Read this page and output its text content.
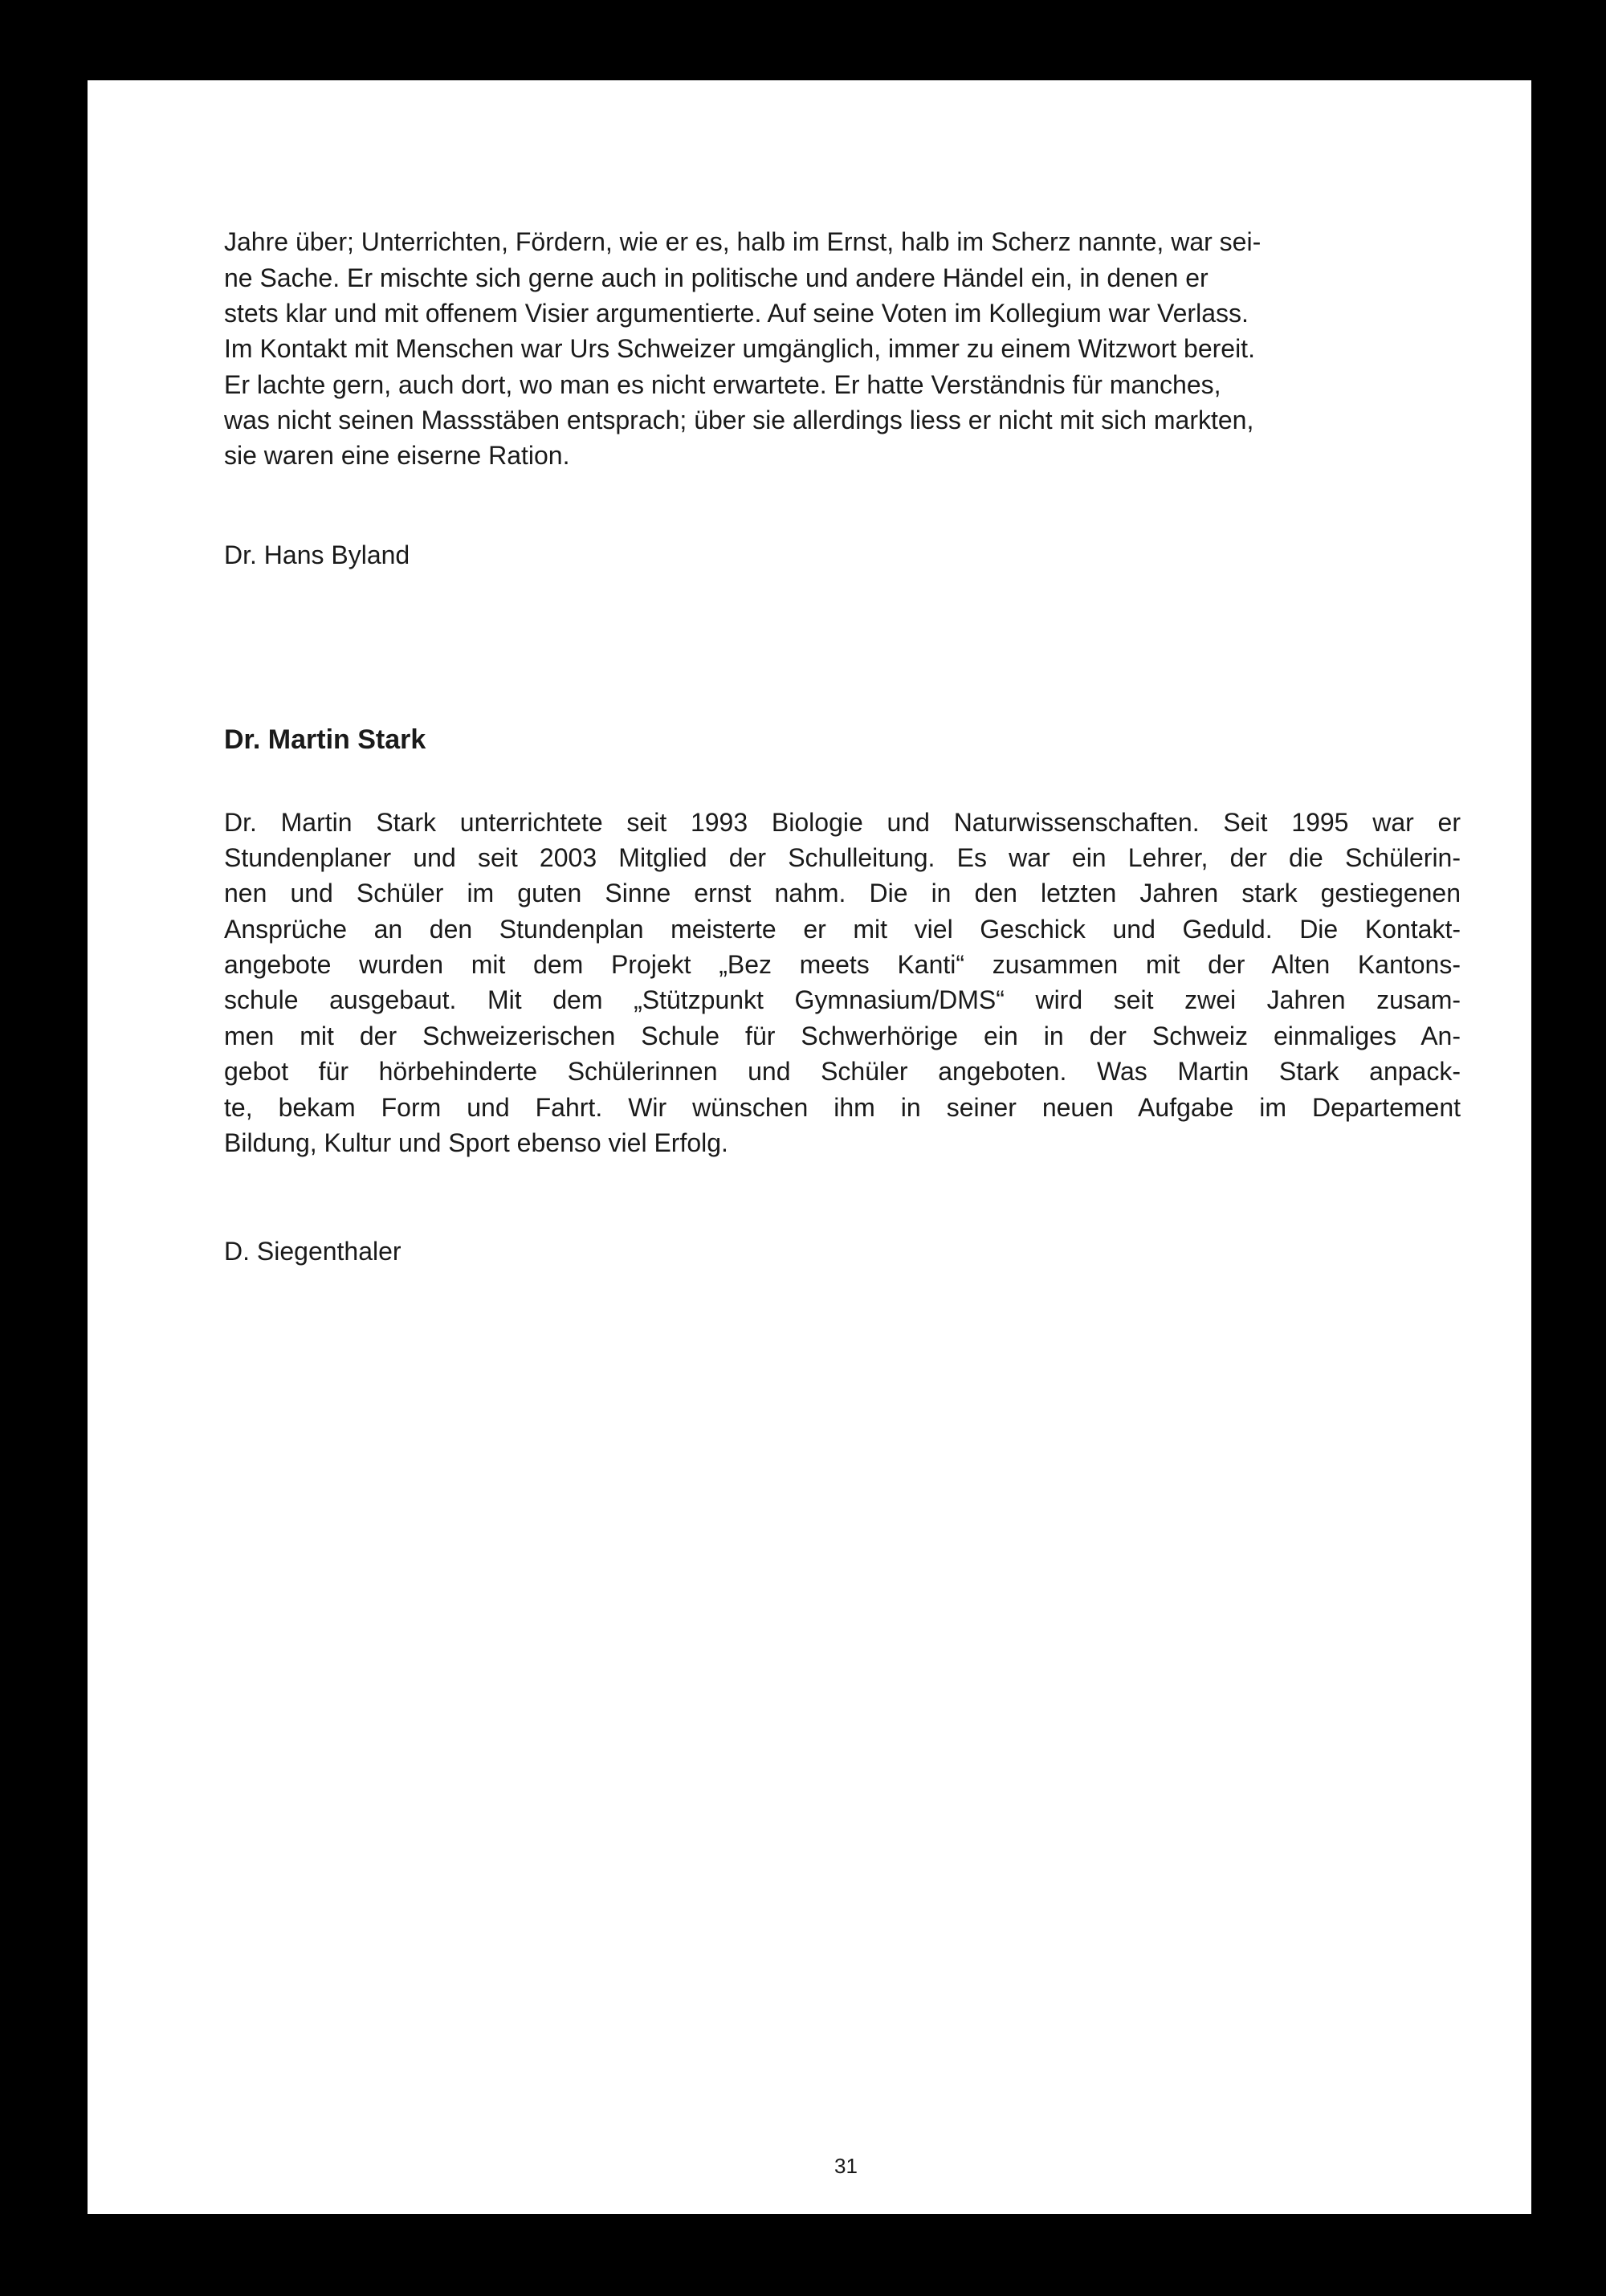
Jahre über; Unterrichten, Fördern, wie er es, halb im Ernst, halb im Scherz nannte, war sei-
ne Sache. Er mischte sich gerne auch in politische und andere Händel ein, in denen er
stets klar und mit offenem Visier argumentierte. Auf seine Voten im Kollegium war Verlass.
Im Kontakt mit Menschen war Urs Schweizer umgänglich, immer zu einem Witzwort bereit.
Er lachte gern, auch dort, wo man es nicht erwartete. Er hatte Verständnis für manches,
was nicht seinen Massstäben entsprach; über sie allerdings liess er nicht mit sich markten,
sie waren eine eiserne Ration.
Dr. Hans Byland
Dr. Martin Stark
Dr. Martin Stark unterrichtete seit 1993 Biologie und Naturwissenschaften. Seit 1995 war er
Stundenplaner und seit 2003 Mitglied der Schulleitung. Es war ein Lehrer, der die Schülerin-
nen und Schüler im guten Sinne ernst nahm. Die in den letzten Jahren stark gestiegenen
Ansprüche an den Stundenplan meisterte er mit viel Geschick und Geduld. Die Kontakt-
angebote wurden mit dem Projekt „Bez meets Kanti“ zusammen mit der Alten Kantons-
schule ausgebaut. Mit dem „Stützpunkt Gymnasium/DMS“ wird seit zwei Jahren zusam-
men mit der Schweizerischen Schule für Schwerhörige ein in der Schweiz einmaliges An-
gebot für hörbehinderte Schülerinnen und Schüler angeboten. Was Martin Stark anpack-
te, bekam Form und Fahrt. Wir wünschen ihm in seiner neuen Aufgabe im Departement
Bildung, Kultur und Sport ebenso viel Erfolg.
D. Siegenthaler
31
